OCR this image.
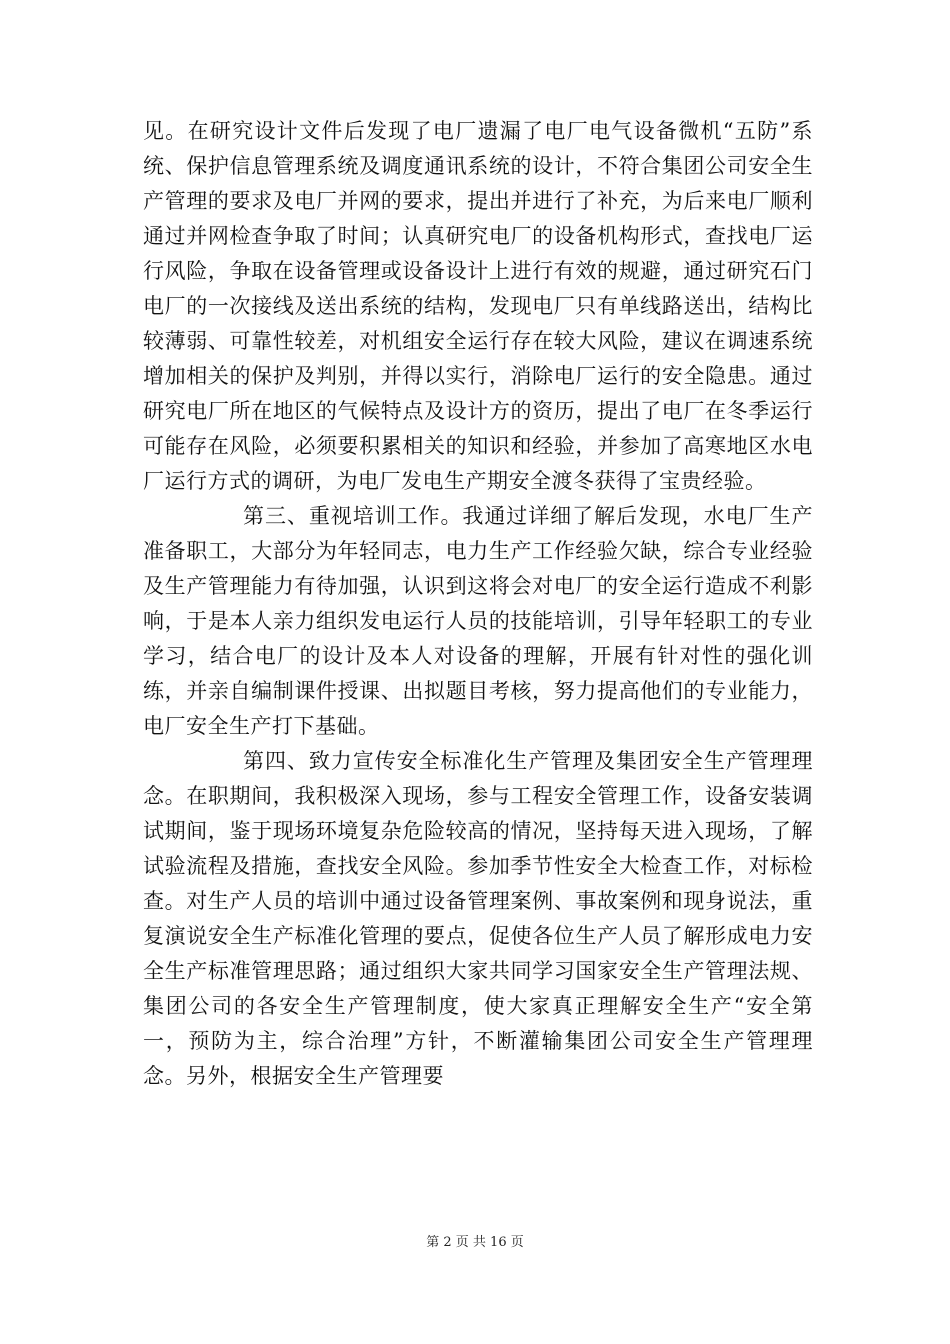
见。在研究设计文件后发现了电厂遗漏了电厂电气设备微机“五防”系统、保护信息管理系统及调度通讯系统的设计，不符合集团公司安全生产管理的要求及电厂并网的要求，提出并进行了补充，为后来电厂顺利通过并网检查争取了时间；认真研究电厂的设备机构形式，查找电厂运行风险，争取在设备管理或设备设计上进行有效的规避，通过研究石门电厂的一次接线及送出系统的结构，发现电厂只有单线路送出，结构比较薄弱、可靠性较差，对机组安全运行存在较大风险，建议在调速系统增加相关的保护及判别，并得以实行，消除电厂运行的安全隐患。通过研究电厂所在地区的气候特点及设计方的资历，提出了电厂在冬季运行可能存在风险，必须要积累相关的知识和经验，并参加了高寒地区水电厂运行方式的调研，为电厂发电生产期安全渡冬获得了宝贵经验。

第三、重视培训工作。我通过详细了解后发现，水电厂生产准备职工，大部分为年轻同志，电力生产工作经验欠缺，综合专业经验及生产管理能力有待加强，认识到这将会对电厂的安全运行造成不利影响，于是本人亲力组织发电运行人员的技能培训，引导年轻职工的专业学习，结合电厂的设计及本人对设备的理解，开展有针对性的强化训练，并亲自编制课件授课、出拟题目考核，努力提高他们的专业能力，电厂安全生产打下基础。

第四、致力宣传安全标准化生产管理及集团安全生产管理理念。在职期间，我积极深入现场，参与工程安全管理工作，设备安装调试期间，鉴于现场环境复杂危险较高的情况，坚持每天进入现场，了解试验流程及措施，查找安全风险。参加季节性安全大检查工作，对标检查。对生产人员的培训中通过设备管理案例、事故案例和现身说法，重复演说安全生产标准化管理的要点，促使各位生产人员了解形成电力安全生产标准管理思路；通过组织大家共同学习国家安全生产管理法规、集团公司的各安全生产管理制度，使大家真正理解安全生产“安全第一，预防为主，综合治理”方针，不断灌输集团公司安全生产管理理念。另外，根据安全生产管理要

第 2 页 共 16 页
